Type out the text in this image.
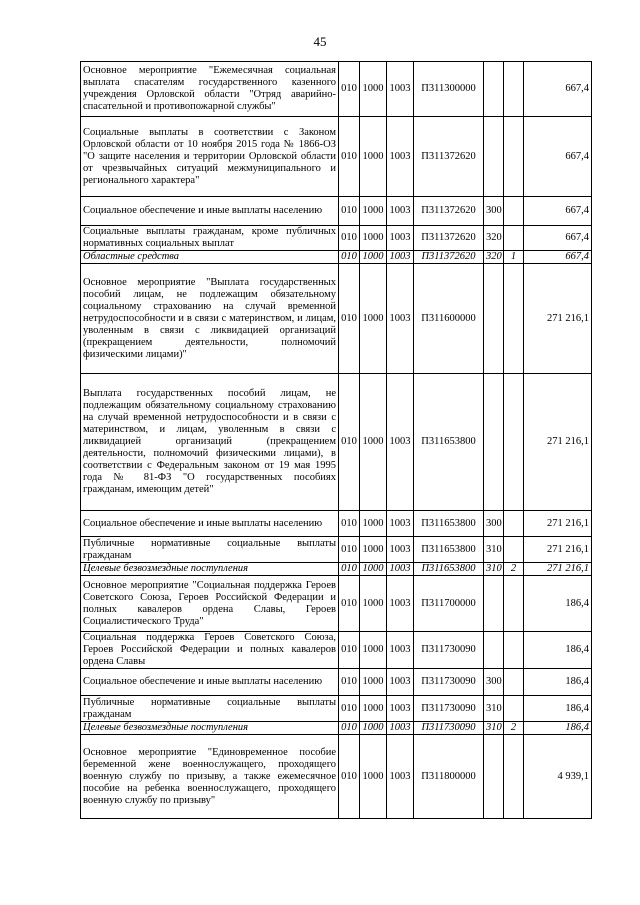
45
Основное мероприятие "Ежемесячная социальная выплата спасателям государственного казенного учреждения Орловской области "Отряд аварийно-спасательной и противопожарной службы"	010	1000	1003	П311300000			667,4
Социальные выплаты в соответствии с Законом Орловской области от 10 ноября 2015 года № 1866-ОЗ "О защите населения и территории Орловской области от чрезвычайных ситуаций межмуниципального и регионального характера"	010	1000	1003	П311372620			667,4
Социальное обеспечение и иные выплаты населению	010	1000	1003	П311372620	300		667,4
Социальные выплаты гражданам, кроме публичных нормативных социальных выплат	010	1000	1003	П311372620	320		667,4
Областные средства	010	1000	1003	П311372620	320	1	667,4
Основное мероприятие "Выплата государственных пособий лицам, не подлежащим обязательному социальному страхованию на случай временной нетрудоспособности и в связи с материнством, и лицам, уволенным в связи с ликвидацией организаций (прекращением деятельности, полномочий физическими лицами)"	010	1000	1003	П311600000			271 216,1
Выплата государственных пособий лицам, не подлежащим обязательному социальному страхованию на случай временной нетрудоспособности и в связи с материнством, и лицам, уволенным в связи с ликвидацией организаций (прекращением деятельности, полномочий физическими лицами), в соответствии с Федеральным законом от 19 мая 1995 года № 81-ФЗ "О государственных пособиях гражданам, имеющим детей"	010	1000	1003	П311653800			271 216,1
Социальное обеспечение и иные выплаты населению	010	1000	1003	П311653800	300		271 216,1
Публичные нормативные социальные выплаты гражданам	010	1000	1003	П311653800	310		271 216,1
Целевые безвозмездные поступления	010	1000	1003	П311653800	310	2	271 216,1
Основное мероприятие "Социальная поддержка Героев Советского Союза, Героев Российской Федерации и полных кавалеров ордена Славы, Героев Социалистического Труда"	010	1000	1003	П311700000			186,4
Социальная поддержка Героев Советского Союза, Героев Российской Федерации и полных кавалеров ордена Славы	010	1000	1003	П311730090			186,4
Социальное обеспечение и иные выплаты населению	010	1000	1003	П311730090	300		186,4
Публичные нормативные социальные выплаты гражданам	010	1000	1003	П311730090	310		186,4
Целевые безвозмездные поступления	010	1000	1003	П311730090	310	2	186,4
Основное мероприятие "Единовременное пособие беременной жене военнослужащего, проходящего военную службу по призыву, а также ежемесячное пособие на ребенка военнослужащего, проходящего военную службу по призыву"	010	1000	1003	П311800000			4 939,1
